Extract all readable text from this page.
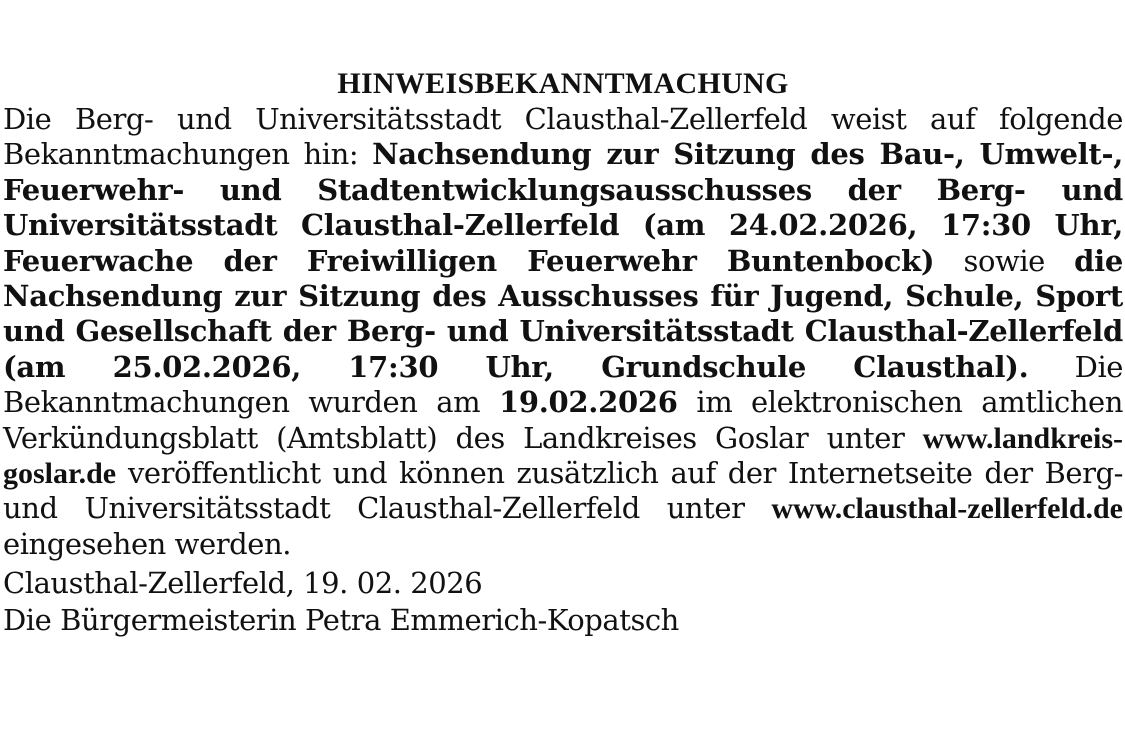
HINWEISBEKANNTMACHUNG

Die Berg- und Universitätsstadt Clausthal-Zellerfeld weist auf folgende Bekanntmachungen hin: Nachsendung zur Sitzung des Bau-, Umwelt-, Feuerwehr- und Stadtentwicklungsausschusses der Berg- und Universitätsstadt Clausthal-Zellerfeld (am 24.02.2026, 17:30 Uhr, Feuerwache der Freiwilligen Feuerwehr Buntenbock) sowie die Nachsendung zur Sitzung des Ausschusses für Jugend, Schule, Sport und Gesellschaft der Berg- und Universitätsstadt Clausthal-Zellerfeld (am 25.02.2026, 17:30 Uhr, Grundschule Clausthal). Die Bekanntmachungen wurden am 19.02.2026 im elektronischen amtlichen Verkündungsblatt (Amtsblatt) des Landkreises Goslar unter www.landkreis-goslar.de veröffentlicht und können zusätzlich auf der Internetseite der Berg- und Universitätsstadt Clausthal-Zellerfeld unter www.clausthal-zellerfeld.de eingesehen werden.

Clausthal-Zellerfeld, 19. 02. 2026
Die Bürgermeisterin Petra Emmerich-Kopatsch
